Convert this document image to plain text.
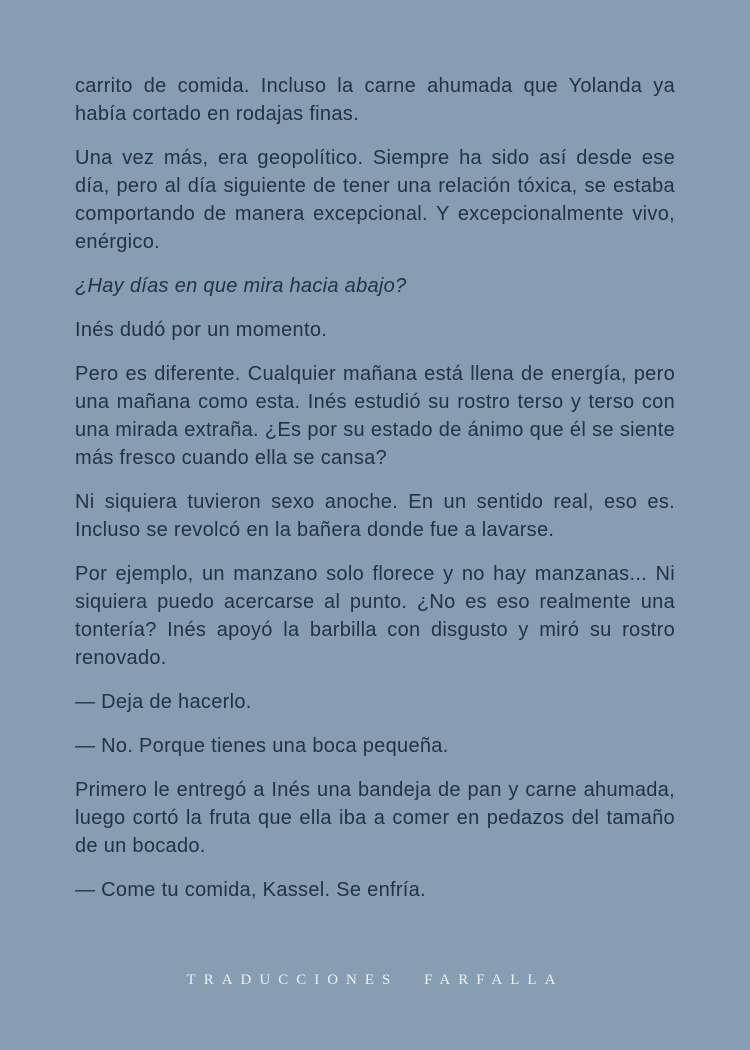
carrito de comida. Incluso la carne ahumada que Yolanda ya había cortado en rodajas finas.

Una vez más, era geopolítico. Siempre ha sido así desde ese día, pero al día siguiente de tener una relación tóxica, se estaba comportando de manera excepcional. Y excepcionalmente vivo, enérgico.

¿Hay días en que mira hacia abajo?

Inés dudó por un momento.

Pero es diferente. Cualquier mañana está llena de energía, pero una mañana como esta. Inés estudió su rostro terso y terso con una mirada extraña. ¿Es por su estado de ánimo que él se siente más fresco cuando ella se cansa?

Ni siquiera tuvieron sexo anoche. En un sentido real, eso es. Incluso se revolcó en la bañera donde fue a lavarse.

Por ejemplo, un manzano solo florece y no hay manzanas... Ni siquiera puedo acercarse al punto. ¿No es eso realmente una tontería? Inés apoyó la barbilla con disgusto y miró su rostro renovado.

— Deja de hacerlo.

— No. Porque tienes una boca pequeña.

Primero le entregó a Inés una bandeja de pan y carne ahumada, luego cortó la fruta que ella iba a comer en pedazos del tamaño de un bocado.

— Come tu comida, Kassel. Se enfría.

TRADUCCIONES FARFALLA
